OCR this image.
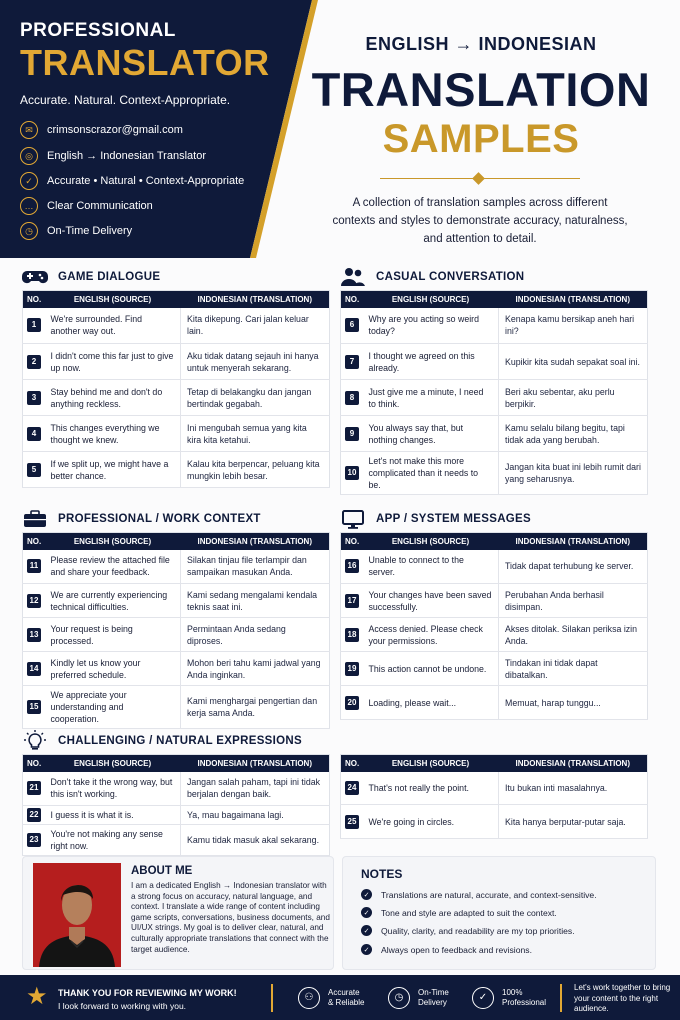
PROFESSIONAL
TRANSLATOR
Accurate. Natural. Context-Appropriate.
✉	crimsonscrazor@gmail.com
◎	English → Indonesian Translator
✓	Accurate • Natural • Context-Appropriate
…	Clear Communication
◷	On-Time Delivery
ENGLISH → INDONESIAN
TRANSLATION
SAMPLES
A collection of translation samples across different contexts and styles to demonstrate accuracy, naturalness, and attention to detail.
GAME DIALOGUE
NO.	ENGLISH (SOURCE)	INDONESIAN (TRANSLATION)
1	We're surrounded. Find another way out.	Kita dikepung. Cari jalan keluar lain.
2	I didn't come this far just to give up now.	Aku tidak datang sejauh ini hanya untuk menyerah sekarang.
3	Stay behind me and don't do anything reckless.	Tetap di belakangku dan jangan bertindak gegabah.
4	This changes everything we thought we knew.	Ini mengubah semua yang kita kira kita ketahui.
5	If we split up, we might have a better chance.	Kalau kita berpencar, peluang kita mungkin lebih besar.
CASUAL CONVERSATION
NO.	ENGLISH (SOURCE)	INDONESIAN (TRANSLATION)
6	Why are you acting so weird today?	Kenapa kamu bersikap aneh hari ini?
7	I thought we agreed on this already.	Kupikir kita sudah sepakat soal ini.
8	Just give me a minute, I need to think.	Beri aku sebentar, aku perlu berpikir.
9	You always say that, but nothing changes.	Kamu selalu bilang begitu, tapi tidak ada yang berubah.
10	Let's not make this more complicated than it needs to be.	Jangan kita buat ini lebih rumit dari yang seharusnya.
PROFESSIONAL / WORK CONTEXT
NO.	ENGLISH (SOURCE)	INDONESIAN (TRANSLATION)
11	Please review the attached file and share your feedback.	Silakan tinjau file terlampir dan sampaikan masukan Anda.
12	We are currently experiencing technical difficulties.	Kami sedang mengalami kendala teknis saat ini.
13	Your request is being processed.	Permintaan Anda sedang diproses.
14	Kindly let us know your preferred schedule.	Mohon beri tahu kami jadwal yang Anda inginkan.
15	We appreciate your understanding and cooperation.	Kami menghargai pengertian dan kerja sama Anda.
APP / SYSTEM MESSAGES
NO.	ENGLISH (SOURCE)	INDONESIAN (TRANSLATION)
16	Unable to connect to the server.	Tidak dapat terhubung ke server.
17	Your changes have been saved successfully.	Perubahan Anda berhasil disimpan.
18	Access denied. Please check your permissions.	Akses ditolak. Silakan periksa izin Anda.
19	This action cannot be undone.	Tindakan ini tidak dapat dibatalkan.
20	Loading, please wait...	Memuat, harap tunggu...
CHALLENGING / NATURAL EXPRESSIONS
NO.	ENGLISH (SOURCE)	INDONESIAN (TRANSLATION)
21	Don't take it the wrong way, but this isn't working.	Jangan salah paham, tapi ini tidak berjalan dengan baik.
22	I guess it is what it is.	Ya, mau bagaimana lagi.
23	You're not making any sense right now.	Kamu tidak masuk akal sekarang.
NO.	ENGLISH (SOURCE)	INDONESIAN (TRANSLATION)
24	That's not really the point.	Itu bukan inti masalahnya.
25	We're going in circles.	Kita hanya berputar-putar saja.
ABOUT ME
I am a dedicated English → Indonesian translator with a strong focus on accuracy, natural language, and context. I translate a wide range of content including game scripts, conversations, business documents, and UI/UX strings. My goal is to deliver clear, natural, and culturally appropriate translations that connect with the target audience.
NOTES
✓ Translations are natural, accurate, and context-sensitive.
✓ Tone and style are adapted to suit the context.
✓ Quality, clarity, and readability are my top priorities.
✓ Always open to feedback and revisions.
★ THANK YOU FOR REVIEWING MY WORK!
I look forward to working with you.
⚇	Accurate
& Reliable	◷	On-Time
Delivery	✓	100%
Professional
Let's work together to bring your content to the right audience.
